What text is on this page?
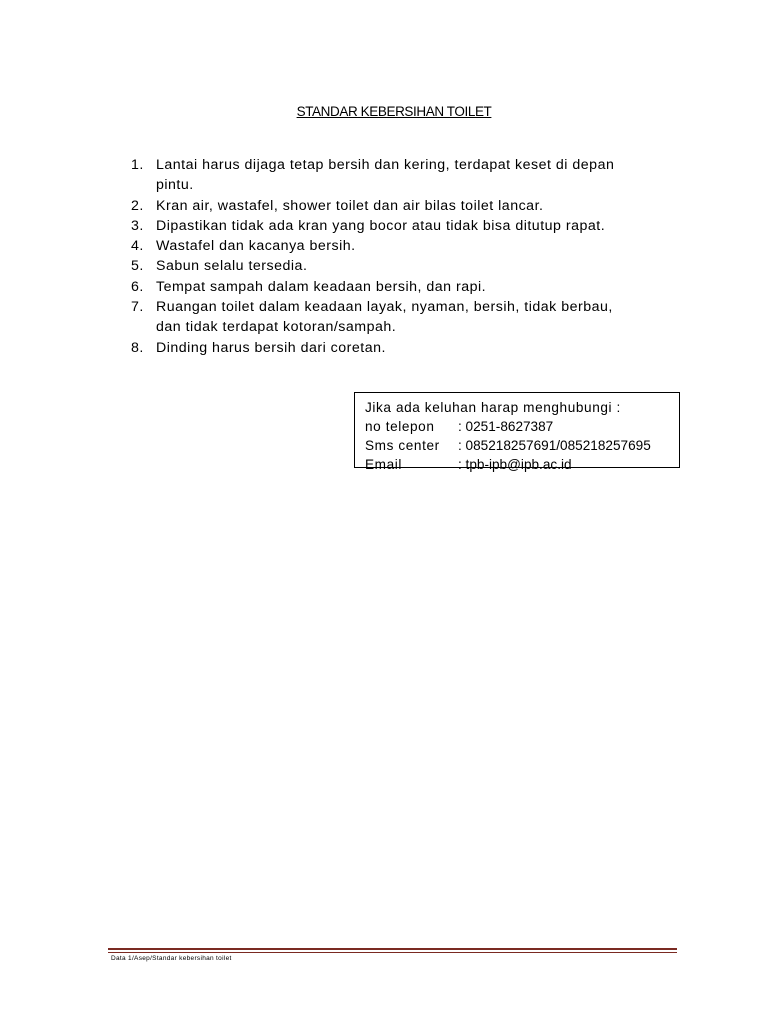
STANDAR KEBERSIHAN TOILET
1. Lantai harus dijaga tetap bersih dan kering, terdapat keset di depan
pintu.
2. Kran air, wastafel, shower toilet dan air bilas toilet lancar.
3. Dipastikan tidak ada kran yang bocor atau tidak bisa ditutup rapat.
4. Wastafel dan kacanya bersih.
5. Sabun selalu tersedia.
6. Tempat sampah dalam keadaan bersih, dan rapi.
7. Ruangan toilet dalam keadaan layak, nyaman, bersih, tidak berbau,
dan tidak terdapat kotoran/sampah.
8. Dinding harus bersih dari coretan.
Jika ada keluhan harap menghubungi :
no telepon : 0251-8627387
Sms center : 085218257691/085218257695
Email	: tpb-ipb@ipb.ac.id
Data 1/Asep/Standar kebersihan toilet
